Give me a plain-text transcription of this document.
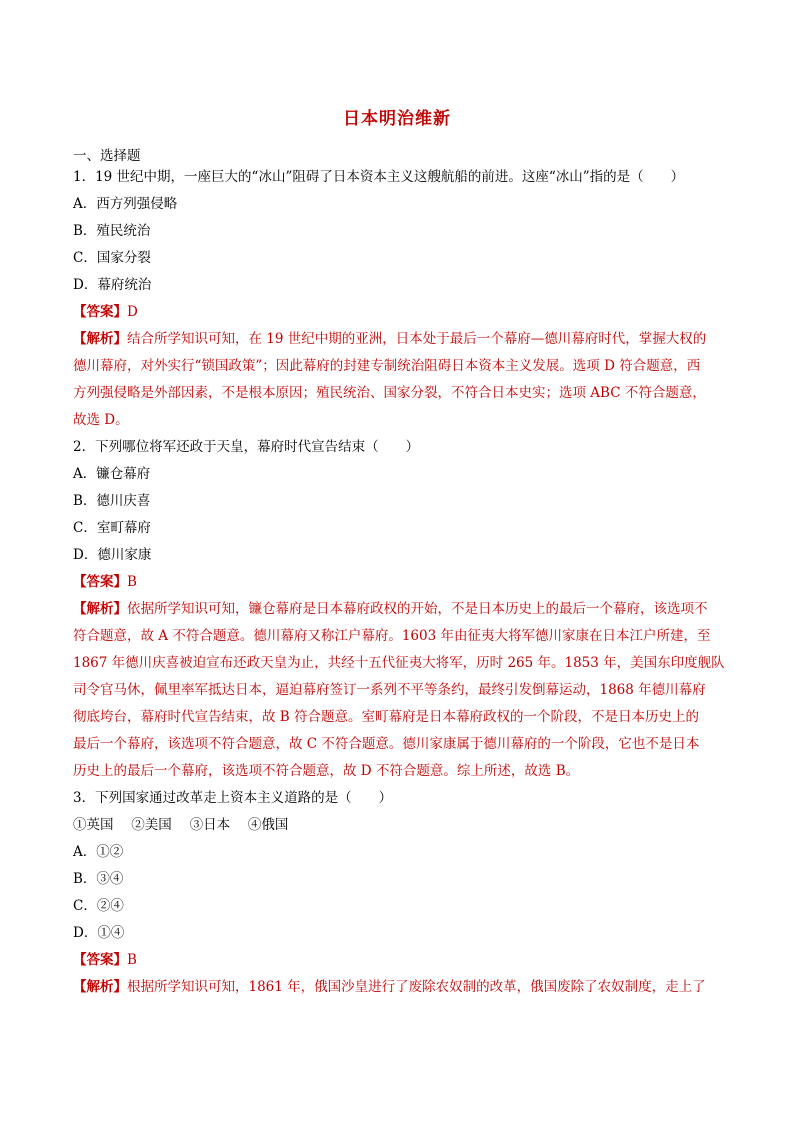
日本明治维新
一、选择题
1．19 世纪中期，一座巨大的“冰山”阻碍了日本资本主义这艘航船的前进。这座“冰山”指的是（　　）
A．西方列强侵略
B．殖民统治
C．国家分裂
D．幕府统治
【答案】D
【解析】结合所学知识可知，在 19 世纪中期的亚洲，日本处于最后一个幕府—德川幕府时代，掌握大权的
德川幕府，对外实行“锁国政策”；因此幕府的封建专制统治阻碍日本资本主义发展。选项 D 符合题意，西
方列强侵略是外部因素，不是根本原因；殖民统治、国家分裂，不符合日本史实；选项 ABC 不符合题意，
故选 D。
2．下列哪位将军还政于天皇，幕府时代宣告结束（　　）
A．镰仓幕府
B．德川庆喜
C．室町幕府
D．德川家康
【答案】B
【解析】依据所学知识可知，镰仓幕府是日本幕府政权的开始，不是日本历史上的最后一个幕府，该选项不
符合题意，故 A 不符合题意。德川幕府又称江户幕府。1603 年由征夷大将军德川家康在日本江户所建，至
1867 年德川庆喜被迫宣布还政天皇为止，共经十五代征夷大将军，历时 265 年。1853 年，美国东印度舰队
司令官马休，佩里率军抵达日本，逼迫幕府签订一系列不平等条约，最终引发倒幕运动，1868 年德川幕府
彻底垮台，幕府时代宣告结束，故 B 符合题意。室町幕府是日本幕府政权的一个阶段，不是日本历史上的
最后一个幕府，该选项不符合题意，故 C 不符合题意。德川家康属于德川幕府的一个阶段，它也不是日本
历史上的最后一个幕府，该选项不符合题意，故 D 不符合题意。综上所述，故选 B。
3．下列国家通过改革走上资本主义道路的是（　　）
①英国　 ②美国　 ③日本　 ④俄国
A．①②
B．③④
C．②④
D．①④
【答案】B
【解析】根据所学知识可知，1861 年，俄国沙皇进行了废除农奴制的改革，俄国废除了农奴制度，走上了
